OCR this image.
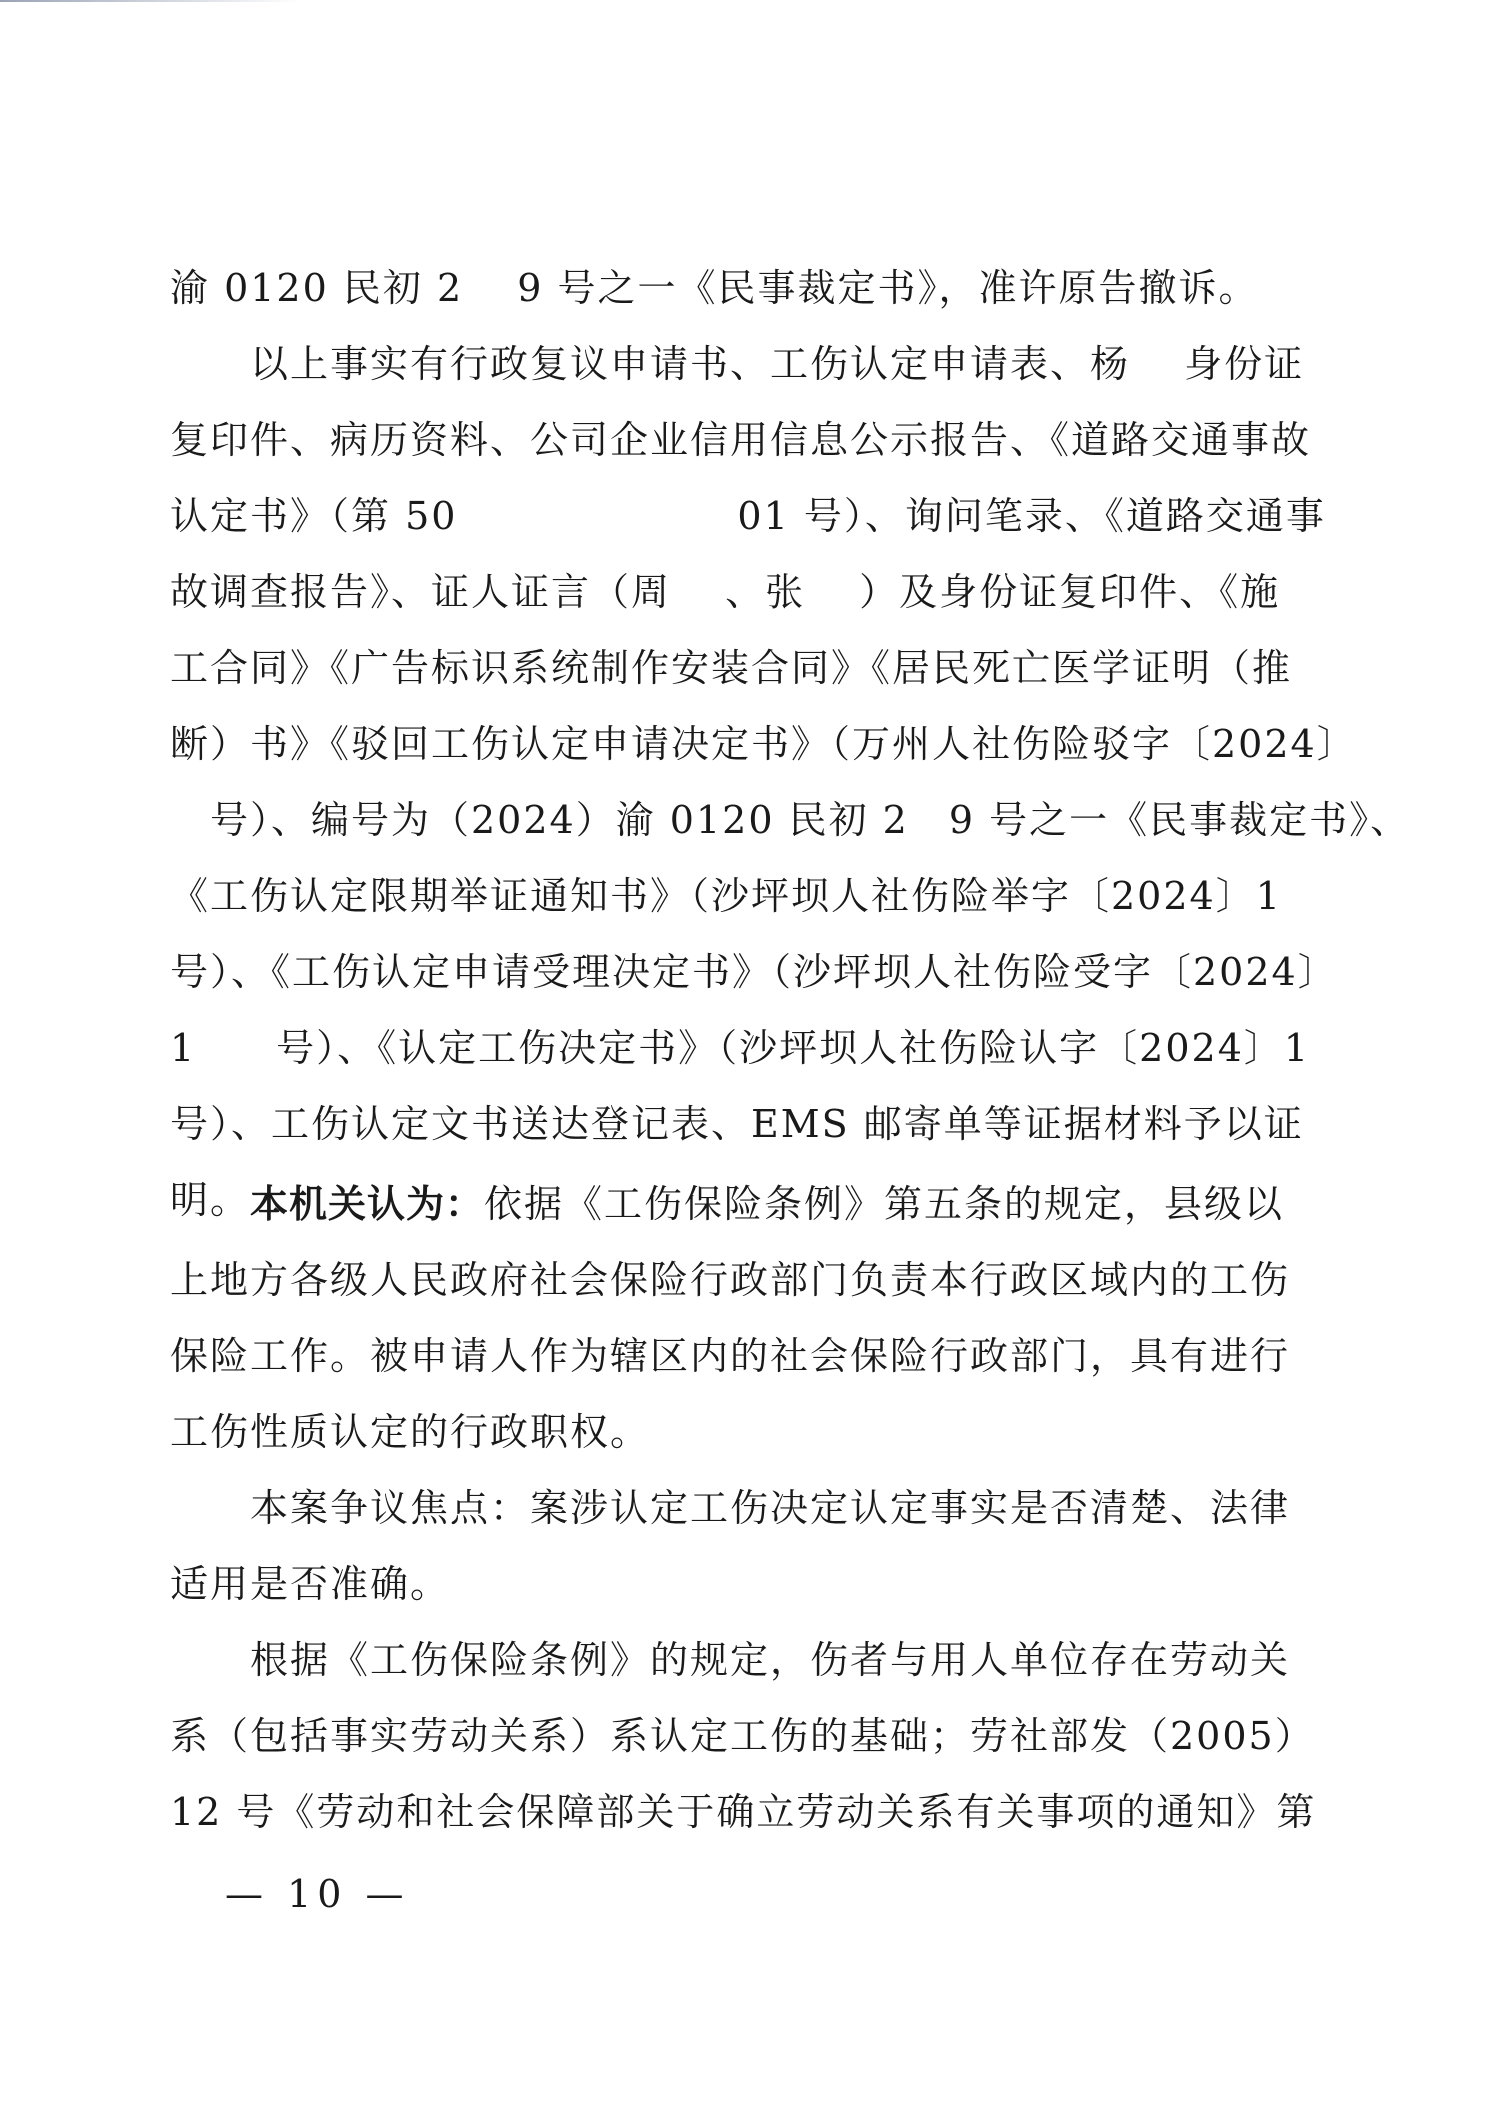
渝 0120 民初 2 　9 号之一《民事裁定书》，准许原告撤诉。
　　以上事实有行政复议申请书、工伤认定申请表、杨 　身份证
复印件、病历资料、公司企业信用信息公示报告、《道路交通事故
认定书》（第 50　　　　　　　01 号）、询问笔录、《道路交通事
故调查报告》、证人证言（周 　、张 　）及身份证复印件、《施
工合同》《广告标识系统制作安装合同》《居民死亡医学证明（推
断）书》《驳回工伤认定申请决定书》（万州人社伤险驳字〔2024〕
　号）、编号为（2024）渝 0120 民初 2　9 号之一《民事裁定书》、
《工伤认定限期举证通知书》（沙坪坝人社伤险举字〔2024〕1
号）、《工伤认定申请受理决定书》（沙坪坝人社伤险受字〔2024〕
1　　号）、《认定工伤决定书》（沙坪坝人社伤险认字〔2024〕1
号）、工伤认定文书送达登记表、EMS 邮寄单等证据材料予以证
明。
　　 本机关认为：依据《工伤保险条例》第五条的规定，县级以
上地方各级人民政府社会保险行政部门负责本行政区域内的工伤
保险工作。被申请人作为辖区内的社会保险行政部门，具有进行
工伤性质认定的行政职权。
　　本案争议焦点：案涉认定工伤决定认定事实是否清楚、法律
适用是否准确。
　　根据《工伤保险条例》的规定，伤者与用人单位存在劳动关
系（包括事实劳动关系）系认定工伤的基础；劳社部发（2005）
12 号《劳动和社会保障部关于确立劳动关系有关事项的通知》第
— 10 —
